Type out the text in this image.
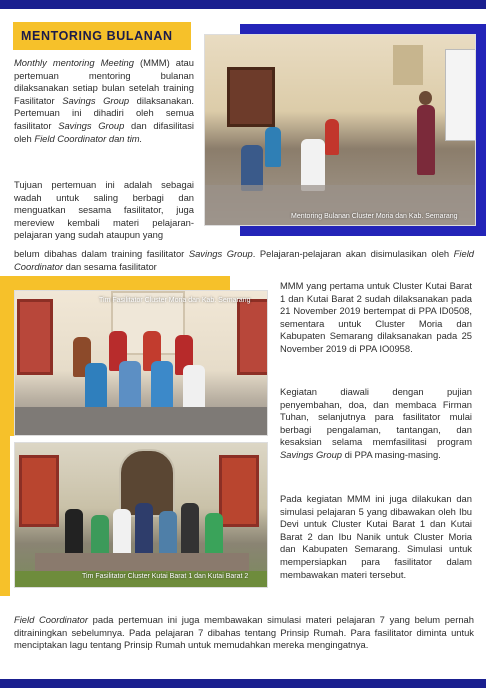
MENTORING BULANAN

Monthly mentoring Meeting (MMM) atau pertemuan mentoring bulanan dilaksanakan setiap bulan setelah training Fasilitator Savings Group dilaksanakan. Pertemuan ini dihadiri oleh semua fasilitator Savings Group dan difasilitasi oleh Field Coordinator dan tim.

Tujuan pertemuan ini adalah sebagai wadah untuk saling berbagi dan menguatkan sesama fasilitator, juga mereview kembali materi pelajaran-pelajaran yang sudah ataupun yang

belum dibahas dalam training fasilitator Savings Group. Pelajaran-pelajaran akan disimulasikan oleh Field Coordinator dan sesama fasilitator

Mentoring Bulanan Cluster Moria dan Kab. Semarang
Tim Fasilitator Cluster Moria dan Kab. Semarang
Tim Fasilitator Cluster Kutai Barat 1 dan Kutai Barat 2
MMM yang pertama untuk Cluster Kutai Barat 1 dan Kutai Barat 2 sudah dilaksanakan pada 21 November 2019 bertempat di PPA ID0508, sementara untuk Cluster Moria dan Kabupaten Semarang dilaksanakan pada 25 November 2019 di PPA IO0958.

Kegiatan diawali dengan pujian penyembahan, doa, dan membaca Firman Tuhan, selanjutnya para fasilitator mulai berbagi pengalaman, tantangan, dan kesaksian selama memfasilitasi program Savings Group di PPA masing-masing.

Pada kegiatan MMM ini juga dilakukan dan simulasi pelajaran 5 yang dibawakan oleh Ibu Devi untuk Cluster Kutai Barat 1 dan Kutai Barat 2 dan Ibu Nanik untuk Cluster Moria dan Kabupaten Semarang. Simulasi untuk mempersiapkan para fasilitator dalam membawakan materi tersebut.

Field Coordinator pada pertemuan ini juga membawakan simulasi materi pelajaran 7 yang belum pernah ditrainingkan sebelumnya. Pada pelajaran 7 dibahas tentang Prinsip Rumah. Para fasilitator diminta untuk menciptakan lagu tentang Prinsip Rumah untuk memudahkan mereka mengingatnya.
